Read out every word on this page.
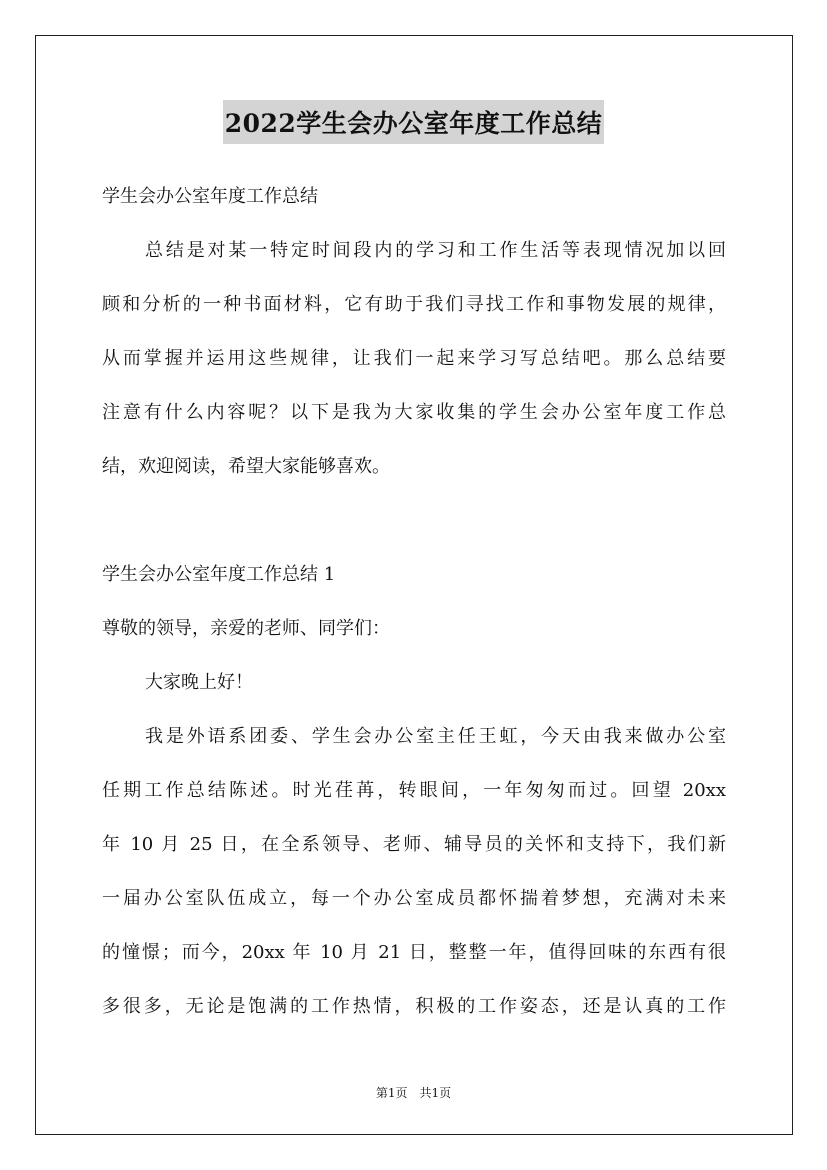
2022学生会办公室年度工作总结
学生会办公室年度工作总结
总结是对某一特定时间段内的学习和工作生活等表现情况加以回
顾和分析的一种书面材料，它有助于我们寻找工作和事物发展的规律，
从而掌握并运用这些规律，让我们一起来学习写总结吧。那么总结要
注意有什么内容呢？以下是我为大家收集的学生会办公室年度工作总
结，欢迎阅读，希望大家能够喜欢。
学生会办公室年度工作总结 1
尊敬的领导，亲爱的老师、同学们：
大家晚上好！
我是外语系团委、学生会办公室主任王虹，今天由我来做办公室
任期工作总结陈述。时光荏苒，转眼间，一年匆匆而过。回望 20xx
年 10 月 25 日，在全系领导、老师、辅导员的关怀和支持下，我们新
一届办公室队伍成立，每一个办公室成员都怀揣着梦想，充满对未来
的憧憬；而今，20xx 年 10 月 21 日，整整一年，值得回味的东西有很
多很多，无论是饱满的工作热情，积极的工作姿态，还是认真的工作
第1页　共1页
